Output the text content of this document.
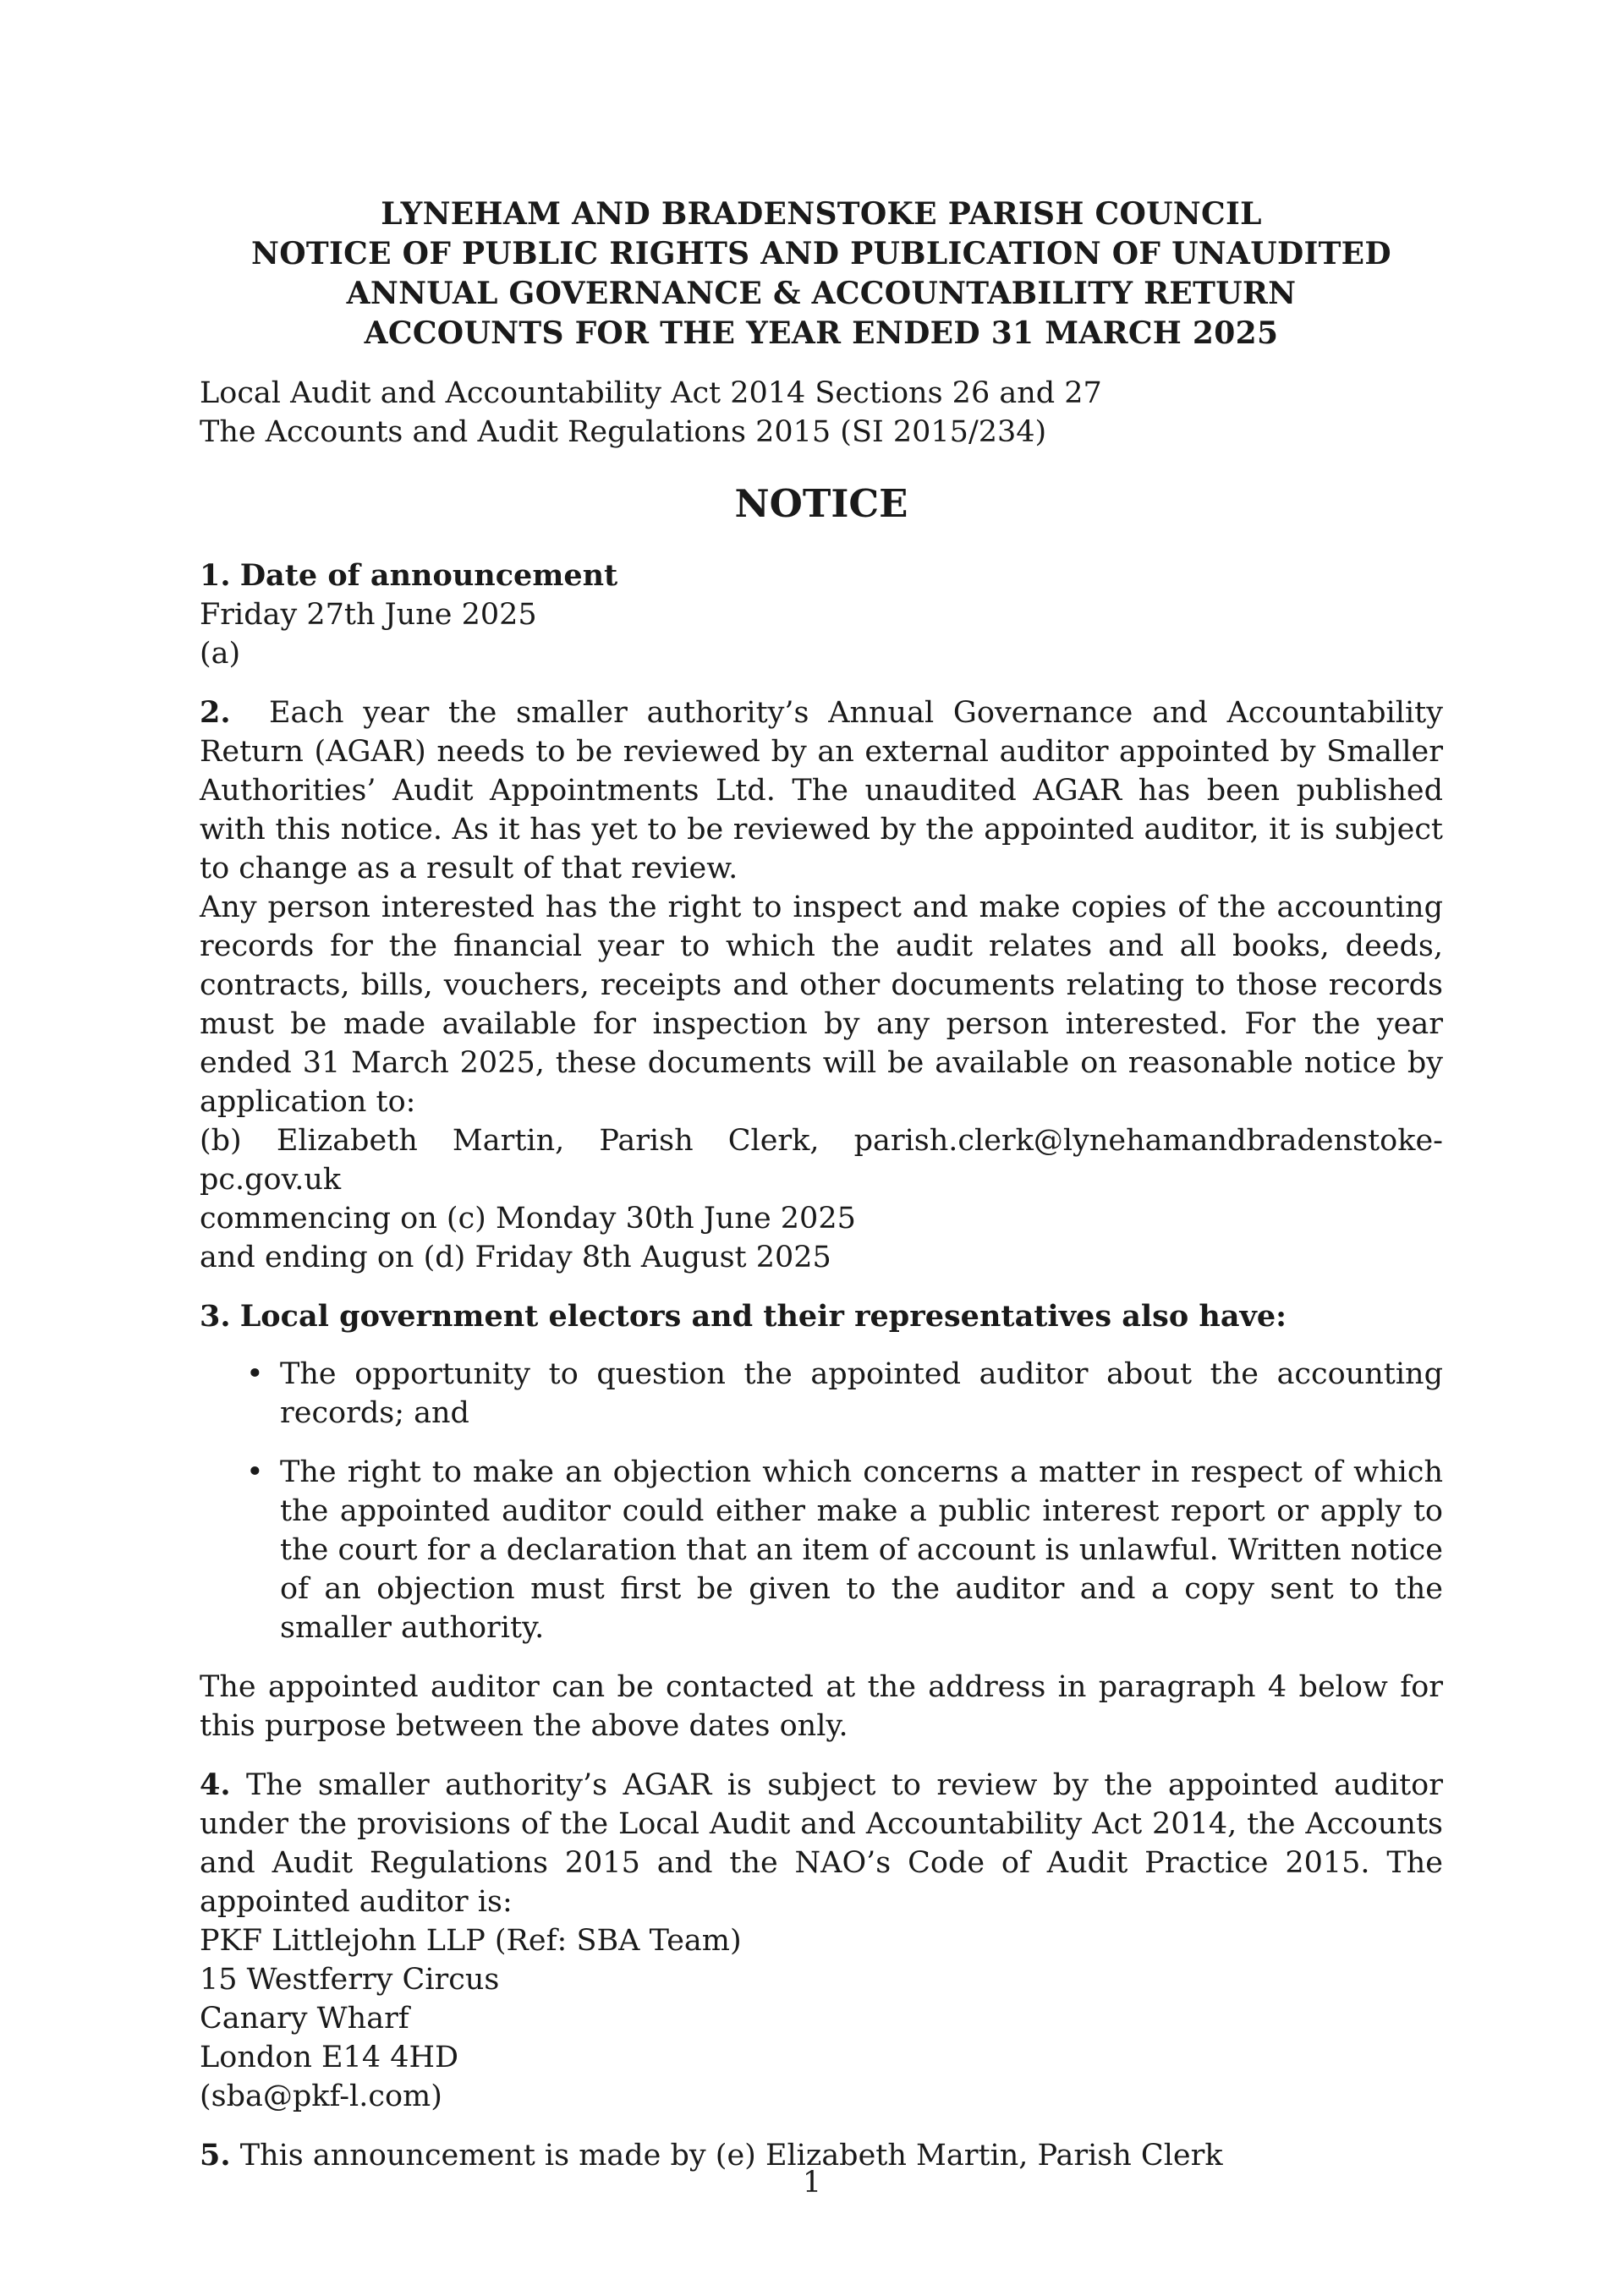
LYNEHAM AND BRADENSTOKE PARISH COUNCIL
NOTICE OF PUBLIC RIGHTS AND PUBLICATION OF UNAUDITED
ANNUAL GOVERNANCE & ACCOUNTABILITY RETURN
ACCOUNTS FOR THE YEAR ENDED 31 MARCH 2025
Local Audit and Accountability Act 2014 Sections 26 and 27
The Accounts and Audit Regulations 2015 (SI 2015/234)
NOTICE

1. Date of announcement

Friday 27th June 2025

(a)

2. Each year the smaller authority’s Annual Governance and Accountability Return (AGAR) needs to be reviewed by an external auditor appointed by Smaller Authorities’ Audit Appointments Ltd. The unaudited AGAR has been published with this notice. As it has yet to be reviewed by the appointed auditor, it is subject to change as a result of that review.

Any person interested has the right to inspect and make copies of the accounting records for the financial year to which the audit relates and all books, deeds, contracts, bills, vouchers, receipts and other documents relating to those records must be made available for inspection by any person interested. For the year ended 31 March 2025, these documents will be available on reasonable notice by application to:

(b) Elizabeth Martin, Parish Clerk, parish.clerk@lynehamandbradenstoke-pc.gov.uk

commencing on (c) Monday 30th June 2025

and ending on (d) Friday 8th August 2025

3. Local government electors and their representatives also have:

• The opportunity to question the appointed auditor about the accounting records; and
• The right to make an objection which concerns a matter in respect of which the appointed auditor could either make a public interest report or apply to the court for a declaration that an item of account is unlawful. Written notice of an objection must first be given to the auditor and a copy sent to the smaller authority.

The appointed auditor can be contacted at the address in paragraph 4 below for this purpose between the above dates only.

4. The smaller authority’s AGAR is subject to review by the appointed auditor under the provisions of the Local Audit and Accountability Act 2014, the Accounts and Audit Regulations 2015 and the NAO’s Code of Audit Practice 2015. The appointed auditor is:

PKF Littlejohn LLP (Ref: SBA Team)

15 Westferry Circus

Canary Wharf

London E14 4HD

(sba@pkf-l.com)

5. This announcement is made by (e) Elizabeth Martin, Parish Clerk

1
